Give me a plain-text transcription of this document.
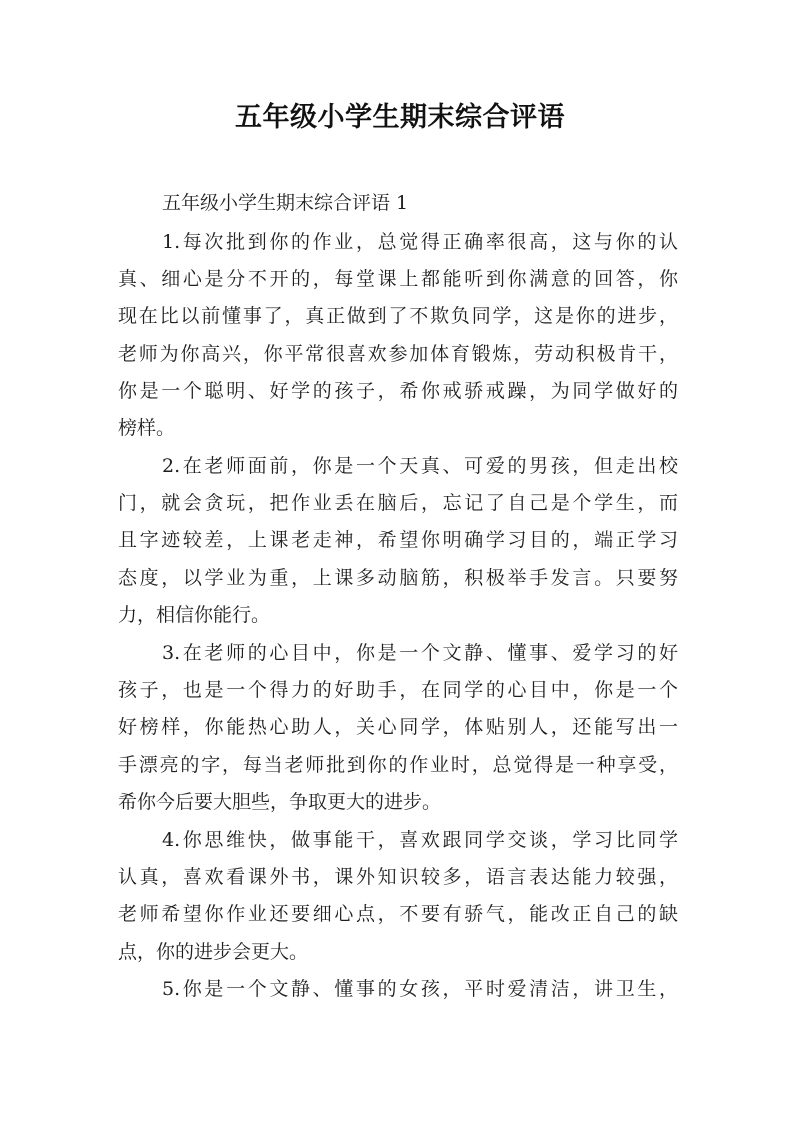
五年级小学生期末综合评语
五年级小学生期末综合评语 1
1.每次批到你的作业，总觉得正确率很高，这与你的认
真、细心是分不开的，每堂课上都能听到你满意的回答，你
现在比以前懂事了，真正做到了不欺负同学，这是你的进步，
老师为你高兴，你平常很喜欢参加体育锻炼，劳动积极肯干，
你是一个聪明、好学的孩子，希你戒骄戒躁，为同学做好的
榜样。
2.在老师面前，你是一个天真、可爱的男孩，但走出校
门，就会贪玩，把作业丢在脑后，忘记了自己是个学生，而
且字迹较差，上课老走神，希望你明确学习目的，端正学习
态度，以学业为重，上课多动脑筋，积极举手发言。只要努
力，相信你能行。
3.在老师的心目中，你是一个文静、懂事、爱学习的好
孩子，也是一个得力的好助手，在同学的心目中，你是一个
好榜样，你能热心助人，关心同学，体贴别人，还能写出一
手漂亮的字，每当老师批到你的作业时，总觉得是一种享受，
希你今后要大胆些，争取更大的进步。
4.你思维快，做事能干，喜欢跟同学交谈，学习比同学
认真，喜欢看课外书，课外知识较多，语言表达能力较强，
老师希望你作业还要细心点，不要有骄气，能改正自己的缺
点，你的进步会更大。
5.你是一个文静、懂事的女孩，平时爱清洁，讲卫生，
